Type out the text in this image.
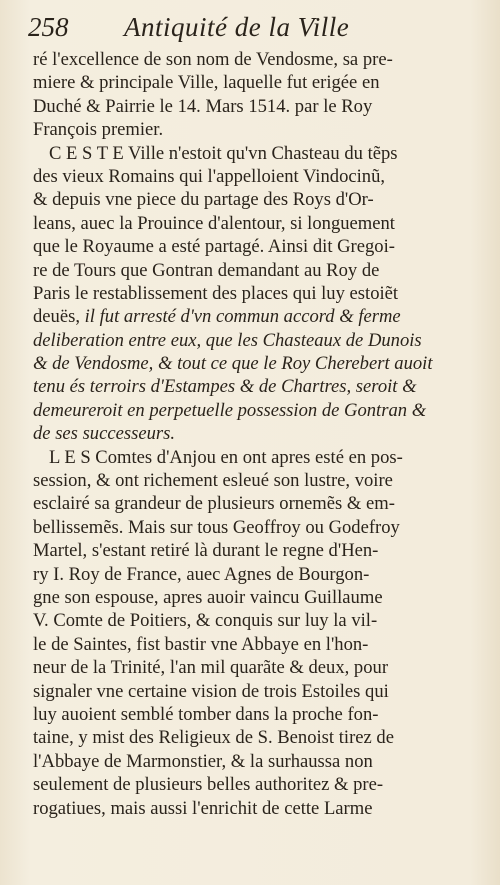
258 Antiquité de la Ville
ré l'excellence de son nom de Vendosme, sa pre-
miere & principale Ville, laquelle fut erigée en
Duché & Pairrie le 14. Mars 1514. par le Roy
François premier.
C E S T E Ville n'estoit qu'vn Chasteau du tẽps
des vieux Romains qui l'appelloient Vindocinũ,
& depuis vne piece du partage des Roys d'Or-
leans, auec la Prouince d'alentour, si longuement
que le Royaume a esté partagé. Ainsi dit Gregoi-
re de Tours que Gontran demandant au Roy de
Paris le restablissement des places qui luy estoiẽt
deuës, il fut arresté d'vn commun accord & ferme
deliberation entre eux, que les Chasteaux de Dunois
& de Vendosme, & tout ce que le Roy Cherebert auoit
tenu és terroirs d'Estampes & de Chartres, seroit &
demeureroit en perpetuelle possession de Gontran &
de ses successeurs.
L E S Comtes d'Anjou en ont apres esté en pos-
session, & ont richement esleué son lustre, voire
esclairé sa grandeur de plusieurs ornemẽs & em-
bellissemẽs. Mais sur tous Geoffroy ou Godefroy
Martel, s'estant retiré là durant le regne d'Hen-
ry I. Roy de France, auec Agnes de Bourgon-
gne son espouse, apres auoir vaincu Guillaume
V. Comte de Poitiers, & conquis sur luy la vil-
le de Saintes, fist bastir vne Abbaye en l'hon-
neur de la Trinité, l'an mil quarãte & deux, pour
signaler vne certaine vision de trois Estoiles qui
luy auoient semblé tomber dans la proche fon-
taine, y mist des Religieux de S. Benoist tirez de
l'Abbaye de Marmonstier, & la surhaussa non
seulement de plusieurs belles authoritez & pre-
rogatiues, mais aussi l'enrichit de cette Larme
